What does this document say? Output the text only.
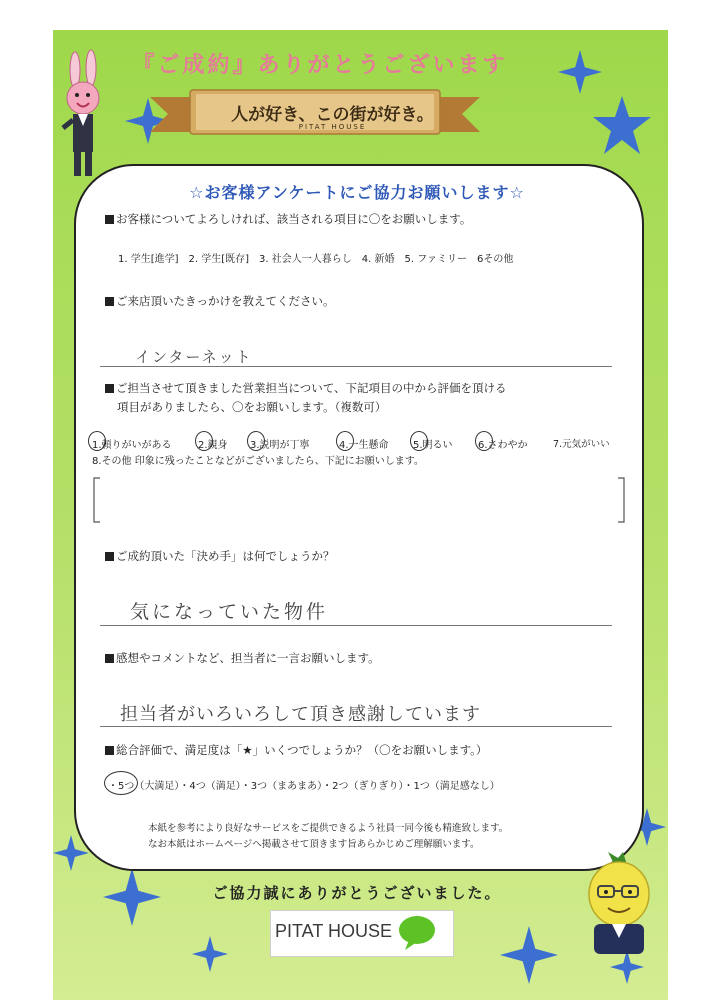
『ご成約』ありがとうございます
人が好き、この街が好き。
PITAT HOUSE
☆お客様アンケートにご協力お願いします☆
お客様についてよろしければ、該当される項目に〇をお願いします。
1. 学生[進学]　2. 学生[既存]　3. 社会人一人暮らし　4. 新婚　5. ファミリー　6その他
ご来店頂いたきっかけを教えてください。
インターネット
ご担当させて頂きました営業担当について、下記項目の中から評価を頂ける
項目がありましたら、〇をお願いします。（複数可）
1.頼りがいがある	2.親身 3.説明が丁寧	4.一生懸命 5.明るい	6.さわやか	7.元気がいい
8.その他 印象に残ったことなどがございましたら、下記にお願いします。
ご成約頂いた「決め手」は何でしょうか？
気になっていた物件
感想やコメントなど、担当者に一言お願いします。
担当者がいろいろして頂き感謝しています
総合評価で、満足度は「★」いくつでしょうか？（〇をお願いします。）
・5つ（大満足）・4つ（満足）・3つ（まあまあ）・2つ（ぎりぎり）・1つ（満足感なし）
本紙を参考により良好なサービスをご提供できるよう社員一同今後も精進致します。
なお本紙はホームページへ掲載させて頂きます旨あらかじめご理解願います。
ご協力誠にありがとうございました。
PITAT HOUSE
